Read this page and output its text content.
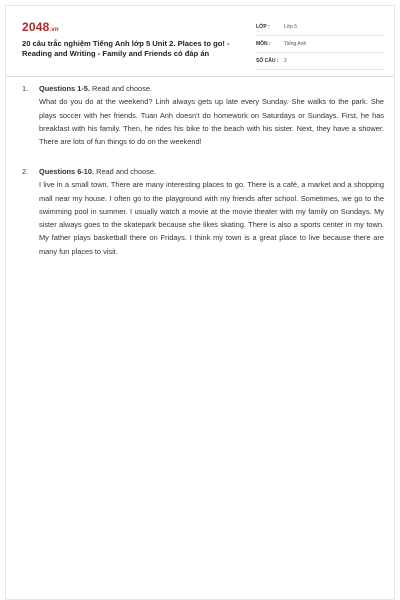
2048.vn
20 câu trắc nghiệm Tiếng Anh lớp 5 Unit 2. Places to go! - Reading and Writing - Family and Friends có đáp án
LỚP :	Lớp 5
MÔN :	Tiếng Anh
SỐ CÂU : 2
1. Questions 1-5. Read and choose.
What do you do at the weekend? Linh always gets up late every Sunday. She walks to the park. She plays soccer with her friends. Tuan Anh doesn't do homework on Saturdays or Sundays. First, he has breakfast with his family. Then, he rides his bike to the beach with his sister. Next, they have a shower. There are lots of fun things to do on the weekend!
2. Questions 6-10. Read and choose.
I live in a small town. There are many interesting places to go. There is a café, a market and a shopping mall near my house. I often go to the playground with my friends after school. Sometimes, we go to the swimming pool in summer. I usually watch a movie at the movie theater with my family on Sundays. My sister always goes to the skatepark because she likes skating. There is also a sports center in my town. My father plays basketball there on Fridays. I think my town is a great place to live because there are many fun places to visit.
